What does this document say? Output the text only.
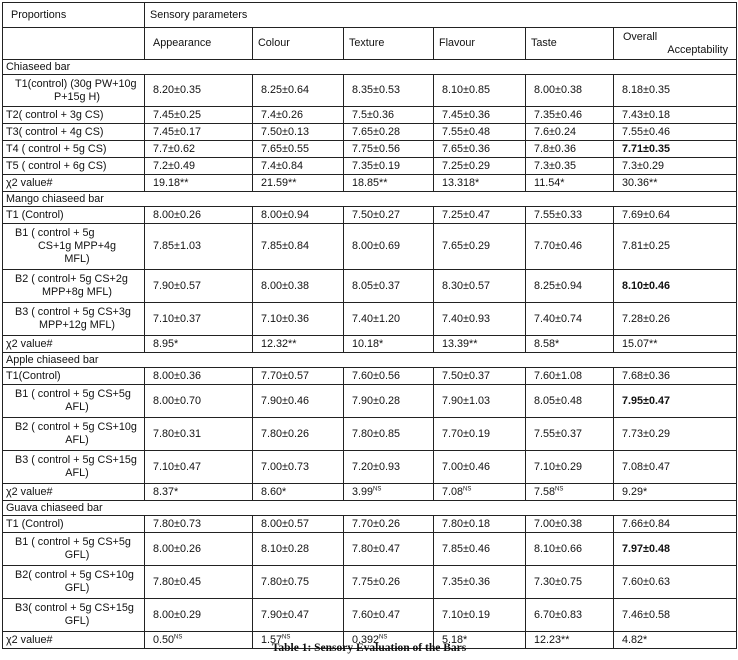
Proportions	Sensory parameters					
	Appearance	Colour	Texture	Flavour	Taste	Overall
Acceptability

Chiaseed bar						

T1(control) (30g PW+10g
P+15g H)	8.20±0.35	8.25±0.64	8.35±0.53	8.10±0.85	8.00±0.38	8.18±0.35

T2( control + 3g CS)	7.45±0.25	7.4±0.26	7.5±0.36	7.45±0.36	7.35±0.46	7.43±0.18

T3( control + 4g CS)	7.45±0.17	7.50±0.13	7.65±0.28	7.55±0.48	7.6±0.24	7.55±0.46

T4 ( control + 5g CS)	7.7±0.62	7.65±0.55	7.75±0.56	7.65±0.36	7.8±0.36	7.71±0.35

T5 ( control + 6g CS)	7.2±0.49	7.4±0.84	7.35±0.19	7.25±0.29	7.3±0.35	7.3±0.29

χ2 value#	19.18**	21.59**	18.85**	13.318*	11.54*	30.36**
Mango chiaseed bar						

T1 (Control)	8.00±0.26	8.00±0.94	7.50±0.27	7.25±0.47	7.55±0.33	7.69±0.64

B1 ( control + 5g
CS+1g MPP+4g
MFL)	7.85±1.03	7.85±0.84	8.00±0.69	7.65±0.29	7.70±0.46	7.81±0.25

B2 ( control+ 5g CS+2g
MPP+8g MFL)	7.90±0.57	8.00±0.38	8.05±0.37	8.30±0.57	8.25±0.94	8.10±0.46

B3 ( control + 5g CS+3g
MPP+12g MFL)	7.10±0.37	7.10±0.36	7.40±1.20	7.40±0.93	7.40±0.74	7.28±0.26

χ2 value#	8.95*	12.32**	10.18*	13.39**	8.58*	15.07**
Apple chiaseed bar						

T1(Control)	8.00±0.36	7.70±0.57	7.60±0.56	7.50±0.37	7.60±1.08	7.68±0.36

B1 ( control + 5g CS+5g
AFL)	8.00±0.70	7.90±0.46	7.90±0.28	7.90±1.03	8.05±0.48	7.95±0.47

B2 ( control + 5g CS+10g
AFL)	7.80±0.31	7.80±0.26	7.80±0.85	7.70±0.19	7.55±0.37	7.73±0.29

B3 ( control + 5g CS+15g
AFL)	7.10±0.47	7.00±0.73	7.20±0.93	7.00±0.46	7.10±0.29	7.08±0.47

χ2 value#	8.37*	8.60*	$3.99^{NS}$	$7.08^{NS}$	$7.58^{NS}$	9.29*
Guava chiaseed bar						

T1 (Control)	7.80±0.73	8.00±0.57	7.70±0.26	7.80±0.18	7.00±0.38	7.66±0.84

B1 ( control + 5g CS+5g
GFL)	8.00±0.26	8.10±0.28	7.80±0.47	7.85±0.46	8.10±0.66	7.97±0.48

B2( control + 5g CS+10g
GFL)	7.80±0.45	7.80±0.75	7.75±0.26	7.35±0.36	7.30±0.75	7.60±0.63

B3( control + 5g CS+15g
GFL)	8.00±0.29	7.90±0.47	7.60±0.47	7.10±0.19	6.70±0.83	7.46±0.58

χ2 value#	$0.50^{NS}$	$1.57^{NS}$	$0.392^{NS}$	5.18*	12.23**	4.82*
Table 1: Sensory Evaluation of the Bars
